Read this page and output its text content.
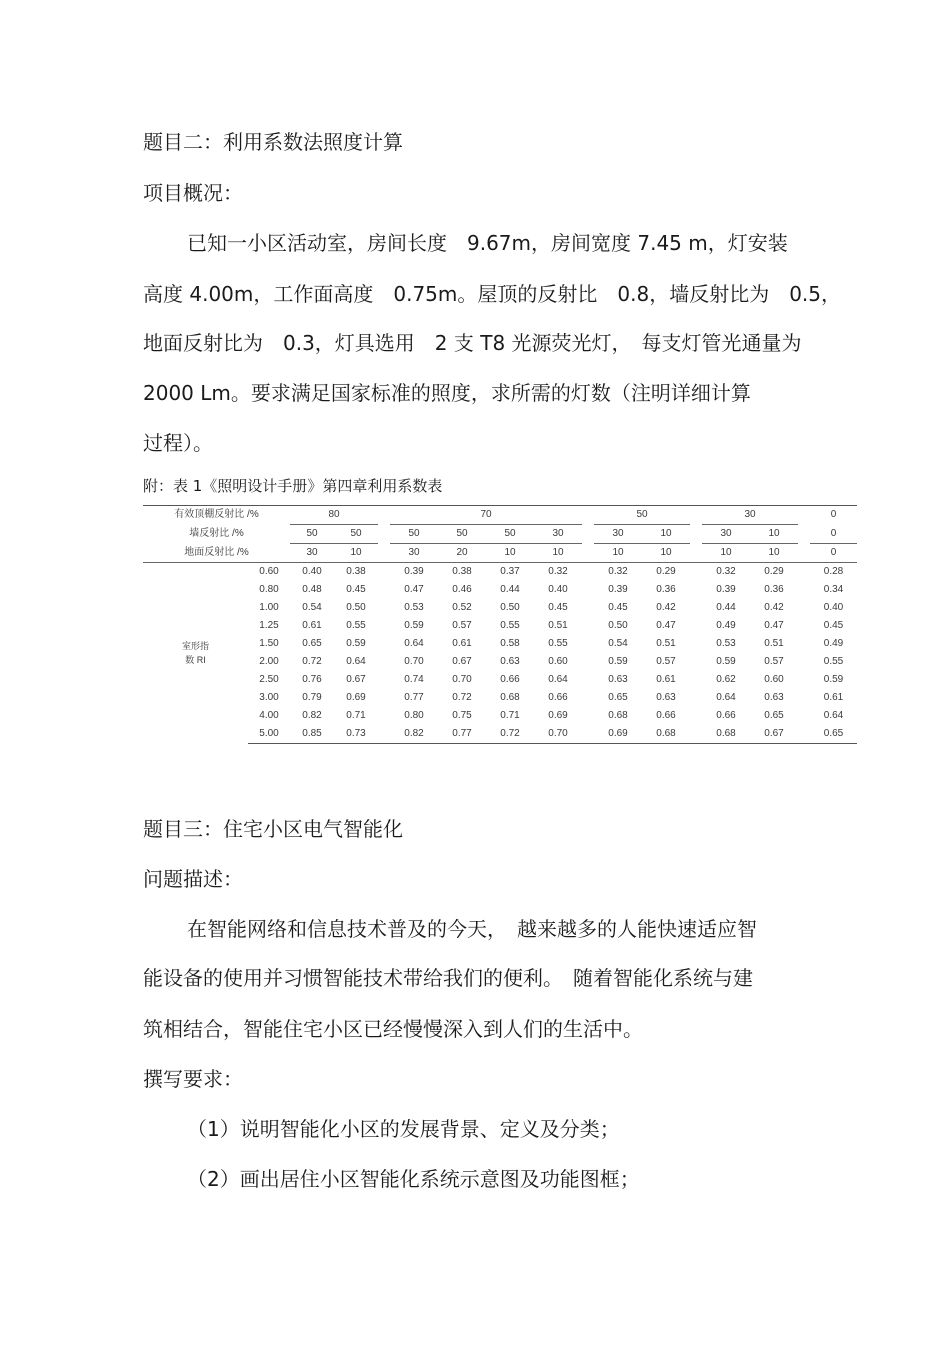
题目二：利用系数法照度计算
项目概况：
已知一小区活动室，房间长度　9.67m，房间宽度 7.45 m，灯安装
高度 4.00m，工作面高度　0.75m。屋顶的反射比　0.8，墙反射比为　0.5，
地面反射比为　0.3，灯具选用　2 支 T8 光源荧光灯，　每支灯管光通量为
2000 Lm。要求满足国家标准的照度，求所需的灯数（注明详细计算
过程）。
附：表 1《照明设计手册》第四章利用系数表
有效顶棚反射比 /%		80			70					50			30			0
墙反射比 /%		50	50		50	50	50	30		30	10		30	10		0
地面反射比 /%		30	10		30	20	10	10		10	10		10	10		0

室形指
数 RI	0.60	0.40	0.38		0.39	0.38	0.37	0.32		0.32	0.29		0.32	0.29		0.28
	0.80	0.48	0.45		0.47	0.46	0.44	0.40		0.39	0.36		0.39	0.36		0.34
	1.00	0.54	0.50		0.53	0.52	0.50	0.45		0.45	0.42		0.44	0.42		0.40
	1.25	0.61	0.55		0.59	0.57	0.55	0.51		0.50	0.47		0.49	0.47		0.45
	1.50	0.65	0.59		0.64	0.61	0.58	0.55		0.54	0.51		0.53	0.51		0.49
	2.00	0.72	0.64		0.70	0.67	0.63	0.60		0.59	0.57		0.59	0.57		0.55
	2.50	0.76	0.67		0.74	0.70	0.66	0.64		0.63	0.61		0.62	0.60		0.59
	3.00	0.79	0.69		0.77	0.72	0.68	0.66		0.65	0.63		0.64	0.63		0.61
	4.00	0.82	0.71		0.80	0.75	0.71	0.69		0.68	0.66		0.66	0.65		0.64
	5.00	0.85	0.73		0.82	0.77	0.72	0.70		0.69	0.68		0.68	0.67		0.65
题目三：住宅小区电气智能化
问题描述：
在智能网络和信息技术普及的今天，　越来越多的人能快速适应智
能设备的使用并习惯智能技术带给我们的便利。　随着智能化系统与建
筑相结合，智能住宅小区已经慢慢深入到人们的生活中。
撰写要求：
（1）说明智能化小区的发展背景、定义及分类；
（2）画出居住小区智能化系统示意图及功能图框；
